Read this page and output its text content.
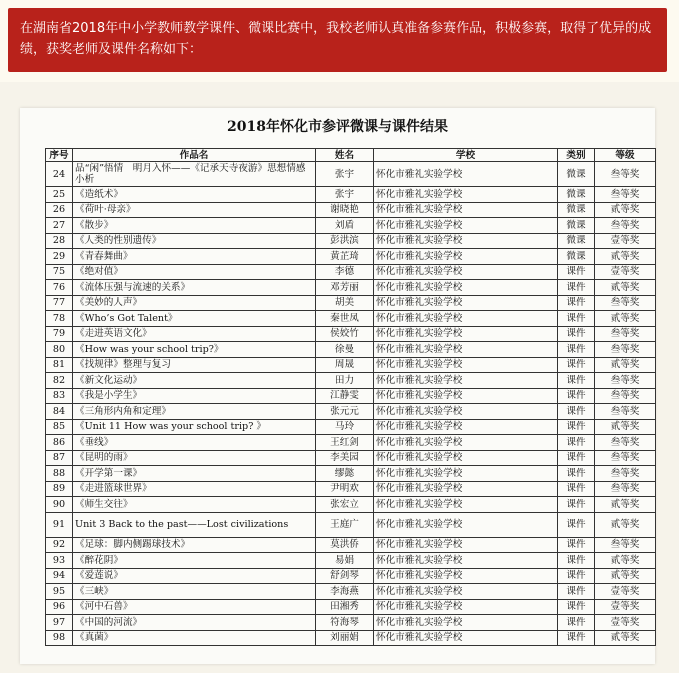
在湖南省2018年中小学教师教学课件、微课比赛中，我校老师认真准备参赛作品，积极参赛，取得了优异的成绩，获奖老师及课件名称如下：
2018年怀化市参评微课与课件结果
序号	作品名	姓名	学校	类别	等级
24	品“闲”悟情　明月入怀——《记承天寺夜游》思想情感小析	张宇	怀化市雅礼实验学校	微课	叁等奖
25	《造纸术》	张宇	怀化市雅礼实验学校	微课	叁等奖
26	《荷叶·母亲》	谢晓艳	怀化市雅礼实验学校	微课	贰等奖
27	《散步》	刘盾	怀化市雅礼实验学校	微课	叁等奖
28	《人类的性别遗传》	彭洪滨	怀化市雅礼实验学校	微课	壹等奖
29	《青春舞曲》	黄芷琦	怀化市雅礼实验学校	微课	贰等奖
75	《绝对值》	李德	怀化市雅礼实验学校	课件	壹等奖
76	《流体压强与流速的关系》	邓芳丽	怀化市雅礼实验学校	课件	贰等奖
77	《美妙的人声》	胡美	怀化市雅礼实验学校	课件	叁等奖
78	《Who’s Got Talent》	秦世凤	怀化市雅礼实验学校	课件	贰等奖
79	《走进英语文化》	侯姣竹	怀化市雅礼实验学校	课件	叁等奖
80	《How was your school trip?》	徐曼	怀化市雅礼实验学校	课件	叁等奖
81	《找规律》整理与复习	周晟	怀化市雅礼实验学校	课件	贰等奖
82	《新文化运动》	田力	怀化市雅礼实验学校	课件	叁等奖
83	《我是小学生》	江静雯	怀化市雅礼实验学校	课件	叁等奖
84	《三角形内角和定理》	张元元	怀化市雅礼实验学校	课件	叁等奖
85	《Unit 11 How was your school trip? 》	马玲	怀化市雅礼实验学校	课件	贰等奖
86	《垂线》	王红剑	怀化市雅礼实验学校	课件	叁等奖
87	《昆明的雨》	李美园	怀化市雅礼实验学校	课件	叁等奖
88	《开学第一课》	缪懿	怀化市雅礼实验学校	课件	叁等奖
89	《走进篮球世界》	尹明欢	怀化市雅礼实验学校	课件	叁等奖
90	《师生交往》	张宏立	怀化市雅礼实验学校	课件	贰等奖
91	Unit 3 Back to the past——Lost civilizations	王庭广	怀化市雅礼实验学校	课件	贰等奖
92	《足球：脚内侧踢球技术》	莫洪侨	怀化市雅礼实验学校	课件	叁等奖
93	《醉花阴》	易娟	怀化市雅礼实验学校	课件	贰等奖
94	《爱莲说》	舒剑琴	怀化市雅礼实验学校	课件	贰等奖
95	《三峡》	李海燕	怀化市雅礼实验学校	课件	壹等奖
96	《河中石兽》	田湘秀	怀化市雅礼实验学校	课件	壹等奖
97	《中国的河流》	符海琴	怀化市雅礼实验学校	课件	壹等奖
98	《真菌》	刘丽娟	怀化市雅礼实验学校	课件	贰等奖
